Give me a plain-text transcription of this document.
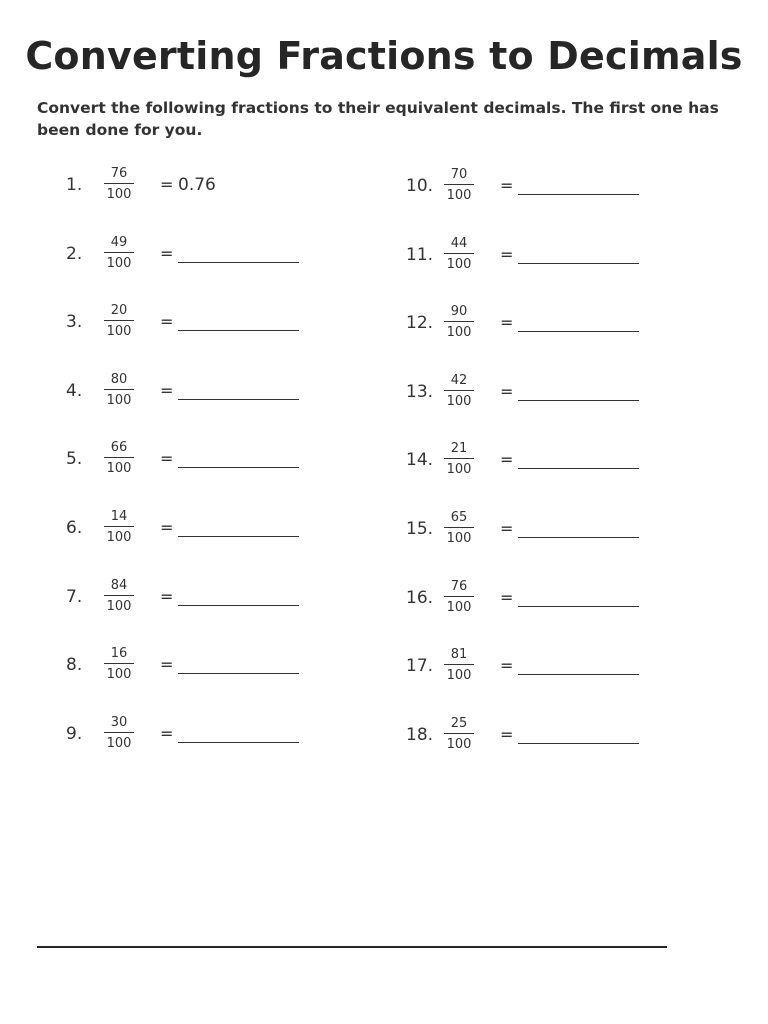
Converting Fractions to Decimals
Convert the following fractions to their equivalent decimals. The first one has been done for you.
1. $\frac{76}{100} = 0.76$
2. $\frac{49}{100}$ =
3. $\frac{20}{100}$ =
4. $\frac{80}{100}$ =
5. $\frac{66}{100}$ =
6. $\frac{14}{100}$ =
7. $\frac{84}{100}$ =
8. $\frac{16}{100}$ =
9. $\frac{30}{100}$ =
10. $\frac{70}{100}$ =
11. $\frac{44}{100}$ =
12. $\frac{90}{100}$ =
13. $\frac{42}{100}$ =
14. $\frac{21}{100}$ =
15. $\frac{65}{100}$ =
16. $\frac{76}{100}$ =
17. $\frac{81}{100}$ =
18. $\frac{25}{100}$ =
